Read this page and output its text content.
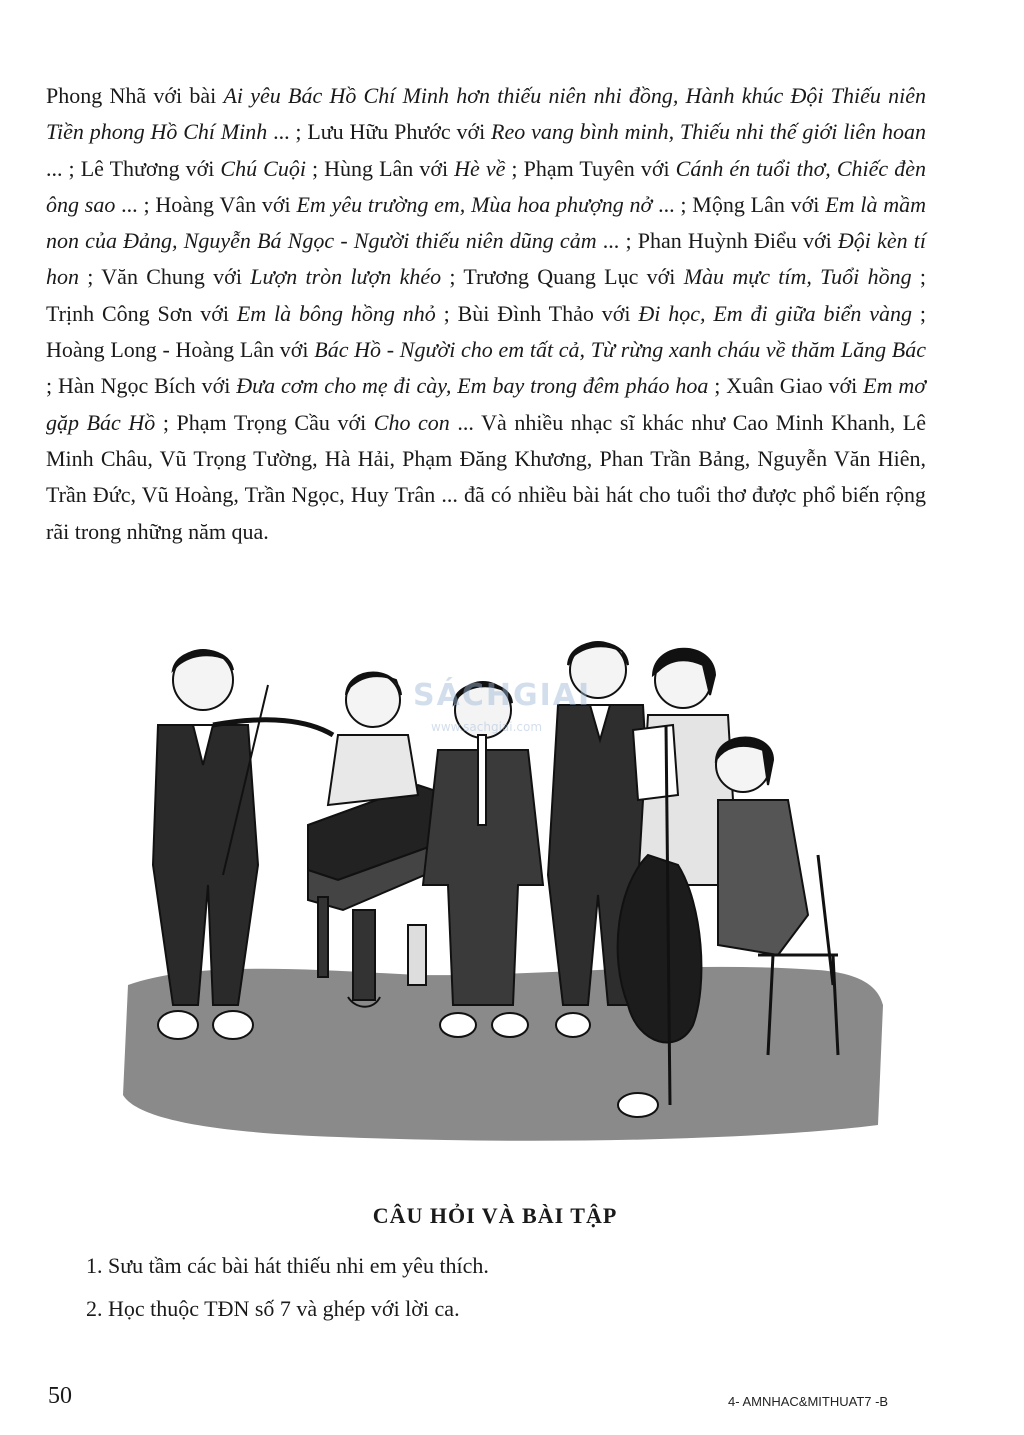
Phong Nhã với bài Ai yêu Bác Hồ Chí Minh hơn thiếu niên nhi đồng, Hành khúc Đội Thiếu niên Tiền phong Hồ Chí Minh ... ; Lưu Hữu Phước với Reo vang bình minh, Thiếu nhi thế giới liên hoan ... ; Lê Thương với Chú Cuội ; Hùng Lân với Hè về ; Phạm Tuyên với Cánh én tuổi thơ, Chiếc đèn ông sao ... ; Hoàng Vân với Em yêu trường em, Mùa hoa phượng nở ... ; Mộng Lân với Em là mầm non của Đảng, Nguyễn Bá Ngọc - Người thiếu niên dũng cảm ... ; Phan Huỳnh Điểu với Đội kèn tí hon ; Văn Chung với Lượn tròn lượn khéo ; Trương Quang Lục với Màu mực tím, Tuổi hồng ; Trịnh Công Sơn với Em là bông hồng nhỏ ; Bùi Đình Thảo với Đi học, Em đi giữa biển vàng ; Hoàng Long - Hoàng Lân với Bác Hồ - Người cho em tất cả, Từ rừng xanh cháu về thăm Lăng Bác ; Hàn Ngọc Bích với Đưa cơm cho mẹ đi cày, Em bay trong đêm pháo hoa ; Xuân Giao với Em mơ gặp Bác Hồ ; Phạm Trọng Cầu với Cho con ... Và nhiều nhạc sĩ khác như Cao Minh Khanh, Lê Minh Châu, Vũ Trọng Tường, Hà Hải, Phạm Đăng Khương, Phan Trần Bảng, Nguyễn Văn Hiên, Trần Đức, Vũ Hoàng, Trần Ngọc, Huy Trân ... đã có nhiều bài hát cho tuổi thơ được phổ biến rộng rãi trong những năm qua.
SÁCHGIAI
www.sachgiai.com
CÂU HỎI VÀ BÀI TẬP
1. Sưu tầm các bài hát thiếu nhi em yêu thích.
2. Học thuộc TĐN số 7 và ghép với lời ca.
50	4- AMNHAC&MITHUAT7 -B
